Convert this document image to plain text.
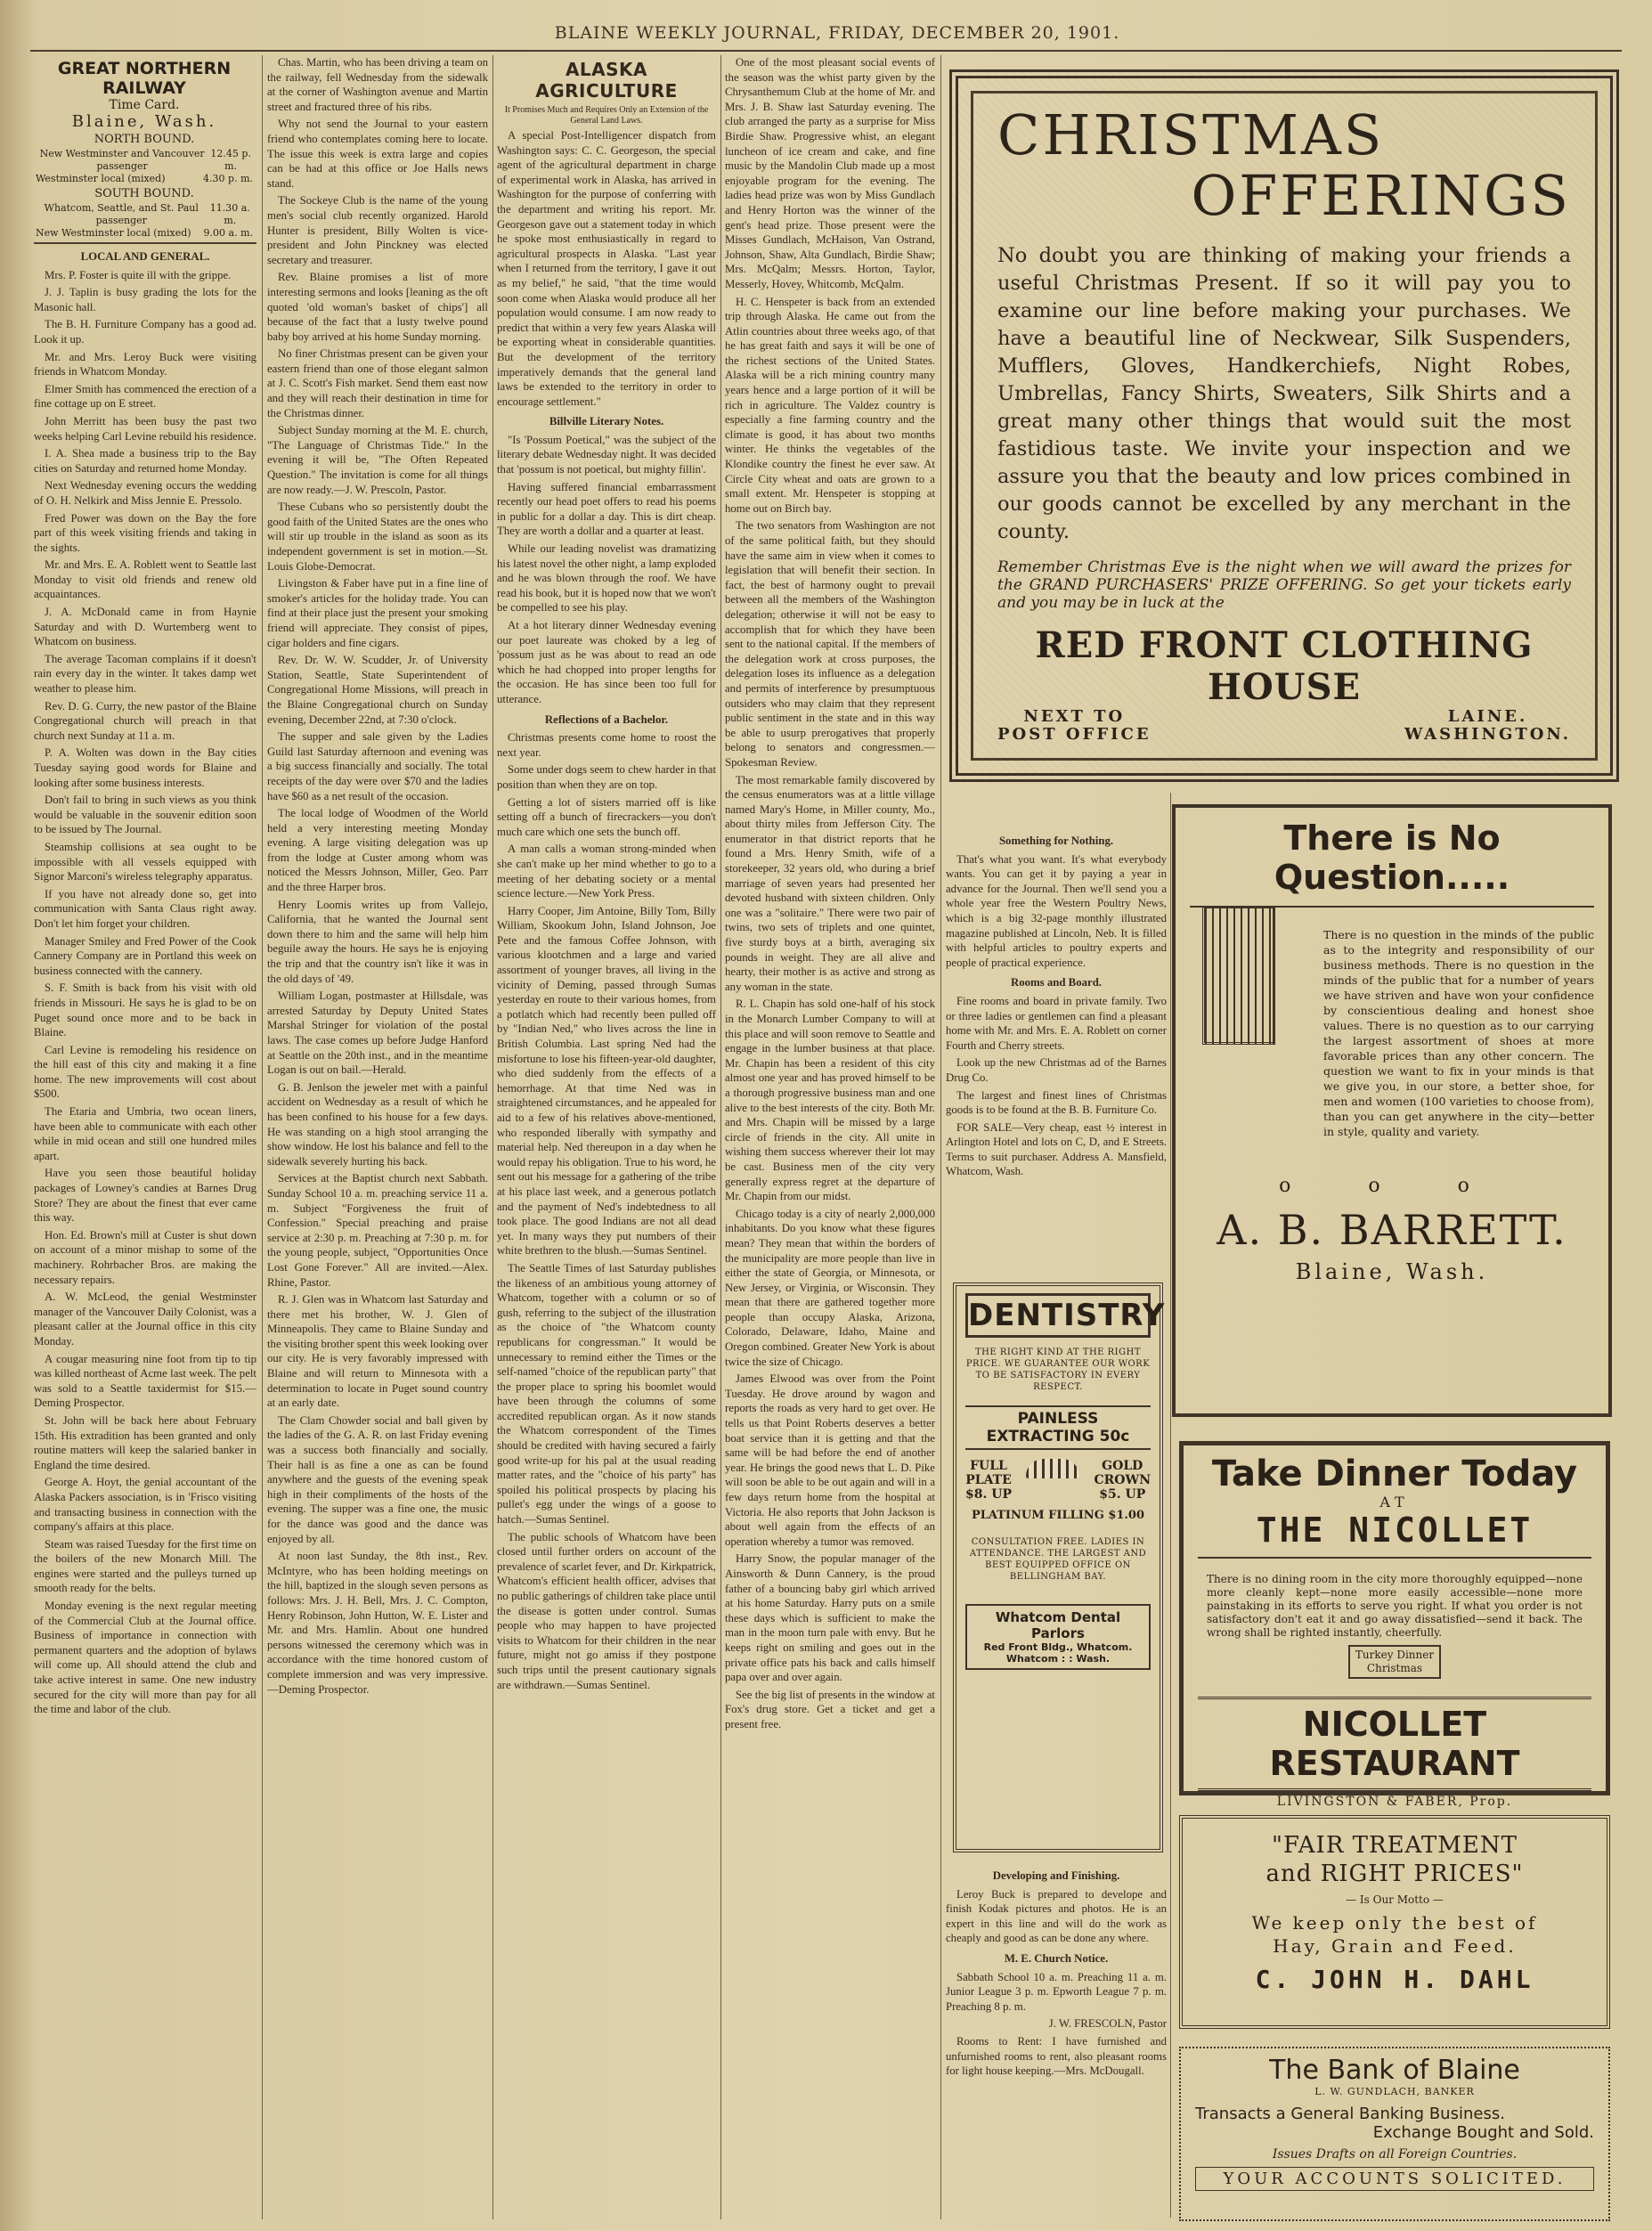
BLAINE WEEKLY JOURNAL, FRIDAY, DECEMBER 20, 1901.
GREAT NORTHERN RAILWAY
Time Card.
Blaine, Wash.
NORTH BOUND.
New Westminster and Vancouver passenger
12.45 p. m.
Westminster local (mixed)	4.30 p. m.
SOUTH BOUND.
Whatcom, Seattle, and St. Paul passenger
11.30 a. m.
New Westminster local (mixed) 9.00 a. m.
LOCAL AND GENERAL.

Mrs. P. Foster is quite ill with the grippe.

J. J. Taplin is busy grading the lots for the Masonic hall.

The B. H. Furniture Company has a good ad. Look it up.

Mr. and Mrs. Leroy Buck were visiting friends in Whatcom Monday.

Elmer Smith has commenced the erection of a fine cottage up on E street.

John Merritt has been busy the past two weeks helping Carl Levine rebuild his residence.

I. A. Shea made a business trip to the Bay cities on Saturday and returned home Monday.

Next Wednesday evening occurs the wedding of O. H. Nelkirk and Miss Jennie E. Pressolo.

Fred Power was down on the Bay the fore part of this week visiting friends and taking in the sights.

Mr. and Mrs. E. A. Roblett went to Seattle last Monday to visit old friends and renew old acquaintances.

J. A. McDonald came in from Haynie Saturday and with D. Wurtemberg went to Whatcom on business.

The average Tacoman complains if it doesn't rain every day in the winter. It takes damp wet weather to please him.

Rev. D. G. Curry, the new pastor of the Blaine Congregational church will preach in that church next Sunday at 11 a. m.

P. A. Wolten was down in the Bay cities Tuesday saying good words for Blaine and looking after some business interests.

Don't fail to bring in such views as you think would be valuable in the souvenir edition soon to be issued by The Journal.

Steamship collisions at sea ought to be impossible with all vessels equipped with Signor Marconi's wireless telegraphy apparatus.

If you have not already done so, get into communication with Santa Claus right away. Don't let him forget your children.

Manager Smiley and Fred Power of the Cook Cannery Company are in Portland this week on business connected with the cannery.

S. F. Smith is back from his visit with old friends in Missouri. He says he is glad to be on Puget sound once more and to be back in Blaine.

Carl Levine is remodeling his residence on the hill east of this city and making it a fine home. The new improvements will cost about $500.

The Etaria and Umbria, two ocean liners, have been able to communicate with each other while in mid ocean and still one hundred miles apart.

Have you seen those beautiful holiday packages of Lowney's candies at Barnes Drug Store? They are about the finest that ever came this way.

Hon. Ed. Brown's mill at Custer is shut down on account of a minor mishap to some of the machinery. Rohrbacher Bros. are making the necessary repairs.

A. W. McLeod, the genial Westminster manager of the Vancouver Daily Colonist, was a pleasant caller at the Journal office in this city Monday.

A cougar measuring nine foot from tip to tip was killed northeast of Acme last week. The pelt was sold to a Seattle taxidermist for $15.—Deming Prospector.

St. John will be back here about February 15th. His extradition has been granted and only routine matters will keep the salaried banker in England the time desired.

George A. Hoyt, the genial accountant of the Alaska Packers association, is in 'Frisco visiting and transacting business in connection with the company's affairs at this place.

Steam was raised Tuesday for the first time on the boilers of the new Monarch Mill. The engines were started and the pulleys turned up smooth ready for the belts.

Monday evening is the next regular meeting of the Commercial Club at the Journal office. Business of importance in connection with permanent quarters and the adoption of bylaws will come up. All should attend the club and take active interest in same. One new industry secured for the city will more than pay for all the time and labor of the club.

Chas. Martin, who has been driving a team on the railway, fell Wednesday from the sidewalk at the corner of Washington avenue and Martin street and fractured three of his ribs.

Why not send the Journal to your eastern friend who contemplates coming here to locate. The issue this week is extra large and copies can be had at this office or Joe Halls news stand.

The Sockeye Club is the name of the young men's social club recently organized. Harold Hunter is president, Billy Wolten is vice-president and John Pinckney was elected secretary and treasurer.

Rev. Blaine promises a list of more interesting sermons and looks [leaning as the oft quoted 'old woman's basket of chips'] all because of the fact that a lusty twelve pound baby boy arrived at his home Sunday morning.

No finer Christmas present can be given your eastern friend than one of those elegant salmon at J. C. Scott's Fish market. Send them east now and they will reach their destination in time for the Christmas dinner.

Subject Sunday morning at the M. E. church, "The Language of Christmas Tide." In the evening it will be, "The Often Repeated Question." The invitation is come for all things are now ready.—J. W. Prescoln, Pastor.

These Cubans who so persistently doubt the good faith of the United States are the ones who will stir up trouble in the island as soon as its independent government is set in motion.—St. Louis Globe-Democrat.

Livingston & Faber have put in a fine line of smoker's articles for the holiday trade. You can find at their place just the present your smoking friend will appreciate. They consist of pipes, cigar holders and fine cigars.

Rev. Dr. W. W. Scudder, Jr. of University Station, Seattle, State Superintendent of Congregational Home Missions, will preach in the Blaine Congregational church on Sunday evening, December 22nd, at 7:30 o'clock.

The supper and sale given by the Ladies Guild last Saturday afternoon and evening was a big success financially and socially. The total receipts of the day were over $70 and the ladies have $60 as a net result of the occasion.

The local lodge of Woodmen of the World held a very interesting meeting Monday evening. A large visiting delegation was up from the lodge at Custer among whom was noticed the Messrs Johnson, Miller, Geo. Parr and the three Harper bros.

Henry Loomis writes up from Vallejo, California, that he wanted the Journal sent down there to him and the same will help him beguile away the hours. He says he is enjoying the trip and that the country isn't like it was in the old days of '49.

William Logan, postmaster at Hillsdale, was arrested Saturday by Deputy United States Marshal Stringer for violation of the postal laws. The case comes up before Judge Hanford at Seattle on the 20th inst., and in the meantime Logan is out on bail.—Herald.

G. B. Jenlson the jeweler met with a painful accident on Wednesday as a result of which he has been confined to his house for a few days. He was standing on a high stool arranging the show window. He lost his balance and fell to the sidewalk severely hurting his back.

Services at the Baptist church next Sabbath. Sunday School 10 a. m. preaching service 11 a. m. Subject "Forgiveness the fruit of Confession." Special preaching and praise service at 2:30 p. m. Preaching at 7:30 p. m. for the young people, subject, "Opportunities Once Lost Gone Forever." All are invited.—Alex. Rhine, Pastor.

R. J. Glen was in Whatcom last Saturday and there met his brother, W. J. Glen of Minneapolis. They came to Blaine Sunday and the visiting brother spent this week looking over our city. He is very favorably impressed with Blaine and will return to Minnesota with a determination to locate in Puget sound country at an early date.

The Clam Chowder social and ball given by the ladies of the G. A. R. on last Friday evening was a success both financially and socially. Their hall is as fine a one as can be found anywhere and the guests of the evening speak high in their compliments of the hosts of the evening. The supper was a fine one, the music for the dance was good and the dance was enjoyed by all.

At noon last Sunday, the 8th inst., Rev. McIntyre, who has been holding meetings on the hill, baptized in the slough seven persons as follows: Mrs. J. H. Bell, Mrs. J. C. Compton, Henry Robinson, John Hutton, W. E. Lister and Mr. and Mrs. Hamlin. About one hundred persons witnessed the ceremony which was in accordance with the time honored custom of complete immersion and was very impressive.—Deming Prospector.

ALASKA AGRICULTURE
It Promises Much and Requires Only an Extension of the General Land Laws.

A special Post-Intelligencer dispatch from Washington says: C. C. Georgeson, the special agent of the agricultural department in charge of experimental work in Alaska, has arrived in Washington for the purpose of conferring with the department and writing his report. Mr. Georgeson gave out a statement today in which he spoke most enthusiastically in regard to agricultural prospects in Alaska. "Last year when I returned from the territory, I gave it out as my belief," he said, "that the time would soon come when Alaska would produce all her population would consume. I am now ready to predict that within a very few years Alaska will be exporting wheat in considerable quantities. But the development of the territory imperatively demands that the general land laws be extended to the territory in order to encourage settlement."

Billville Literary Notes.

"Is 'Possum Poetical," was the subject of the literary debate Wednesday night. It was decided that 'possum is not poetical, but mighty fillin'.

Having suffered financial embarrassment recently our head poet offers to read his poems in public for a dollar a day. This is dirt cheap. They are worth a dollar and a quarter at least.

While our leading novelist was dramatizing his latest novel the other night, a lamp exploded and he was blown through the roof. We have read his book, but it is hoped now that we won't be compelled to see his play.

At a hot literary dinner Wednesday evening our poet laureate was choked by a leg of 'possum just as he was about to read an ode which he had chopped into proper lengths for the occasion. He has since been too full for utterance.

Reflections of a Bachelor.

Christmas presents come home to roost the next year.

Some under dogs seem to chew harder in that position than when they are on top.

Getting a lot of sisters married off is like setting off a bunch of firecrackers—you don't much care which one sets the bunch off.

A man calls a woman strong-minded when she can't make up her mind whether to go to a meeting of her debating society or a mental science lecture.—New York Press.

Harry Cooper, Jim Antoine, Billy Tom, Billy William, Skookum John, Island Johnson, Joe Pete and the famous Coffee Johnson, with various klootchmen and a large and varied assortment of younger braves, all living in the vicinity of Deming, passed through Sumas yesterday en route to their various homes, from a potlatch which had recently been pulled off by "Indian Ned," who lives across the line in British Columbia. Last spring Ned had the misfortune to lose his fifteen-year-old daughter, who died suddenly from the effects of a hemorrhage. At that time Ned was in straightened circumstances, and he appealed for aid to a few of his relatives above-mentioned, who responded liberally with sympathy and material help. Ned thereupon in a day when he would repay his obligation. True to his word, he sent out his message for a gathering of the tribe at his place last week, and a generous potlatch and the payment of Ned's indebtedness to all took place. The good Indians are not all dead yet. In many ways they put numbers of their white brethren to the blush.—Sumas Sentinel.

The Seattle Times of last Saturday publishes the likeness of an ambitious young attorney of Whatcom, together with a column or so of gush, referring to the subject of the illustration as the choice of "the Whatcom county republicans for congressman." It would be unnecessary to remind either the Times or the self-named "choice of the republican party" that the proper place to spring his boomlet would have been through the columns of some accredited republican organ. As it now stands the Whatcom correspondent of the Times should be credited with having secured a fairly good write-up for his pal at the usual reading matter rates, and the "choice of his party" has spoiled his political prospects by placing his pullet's egg under the wings of a goose to hatch.—Sumas Sentinel.

The public schools of Whatcom have been closed until further orders on account of the prevalence of scarlet fever, and Dr. Kirkpatrick, Whatcom's efficient health officer, advises that no public gatherings of children take place until the disease is gotten under control. Sumas people who may happen to have projected visits to Whatcom for their children in the near future, might not go amiss if they postpone such trips until the present cautionary signals are withdrawn.—Sumas Sentinel.

One of the most pleasant social events of the season was the whist party given by the Chrysanthemum Club at the home of Mr. and Mrs. J. B. Shaw last Saturday evening. The club arranged the party as a surprise for Miss Birdie Shaw. Progressive whist, an elegant luncheon of ice cream and cake, and fine music by the Mandolin Club made up a most enjoyable program for the evening. The ladies head prize was won by Miss Gundlach and Henry Horton was the winner of the gent's head prize. Those present were the Misses Gundlach, McHaison, Van Ostrand, Johnson, Shaw, Alta Gundlach, Birdie Shaw; Mrs. McQalm; Messrs. Horton, Taylor, Messerly, Hovey, Whitcomb, McQalm.

H. C. Henspeter is back from an extended trip through Alaska. He came out from the Atlin countries about three weeks ago, of that he has great faith and says it will be one of the richest sections of the United States. Alaska will be a rich mining country many years hence and a large portion of it will be rich in agriculture. The Valdez country is especially a fine farming country and the climate is good, it has about two months winter. He thinks the vegetables of the Klondike country the finest he ever saw. At Circle City wheat and oats are grown to a small extent. Mr. Henspeter is stopping at home out on Birch bay.

The two senators from Washington are not of the same political faith, but they should have the same aim in view when it comes to legislation that will benefit their section. In fact, the best of harmony ought to prevail between all the members of the Washington delegation; otherwise it will not be easy to accomplish that for which they have been sent to the national capital. If the members of the delegation work at cross purposes, the delegation loses its influence as a delegation and permits of interference by presumptuous outsiders who may claim that they represent public sentiment in the state and in this way be able to usurp prerogatives that properly belong to senators and congressmen.—Spokesman Review.

The most remarkable family discovered by the census enumerators was at a little village named Mary's Home, in Miller county, Mo., about thirty miles from Jefferson City. The enumerator in that district reports that he found a Mrs. Henry Smith, wife of a storekeeper, 32 years old, who during a brief marriage of seven years had presented her devoted husband with sixteen children. Only one was a "solitaire." There were two pair of twins, two sets of triplets and one quintet, five sturdy boys at a birth, averaging six pounds in weight. They are all alive and hearty, their mother is as active and strong as any woman in the state.

R. L. Chapin has sold one-half of his stock in the Monarch Lumber Company to will at this place and will soon remove to Seattle and engage in the lumber business at that place. Mr. Chapin has been a resident of this city almost one year and has proved himself to be a thorough progressive business man and one alive to the best interests of the city. Both Mr. and Mrs. Chapin will be missed by a large circle of friends in the city. All unite in wishing them success wherever their lot may be cast. Business men of the city very generally express regret at the departure of Mr. Chapin from our midst.

Chicago today is a city of nearly 2,000,000 inhabitants. Do you know what these figures mean? They mean that within the borders of the municipality are more people than live in either the state of Georgia, or Minnesota, or New Jersey, or Virginia, or Wisconsin. They mean that there are gathered together more people than occupy Alaska, Arizona, Colorado, Delaware, Idaho, Maine and Oregon combined. Greater New York is about twice the size of Chicago.

James Elwood was over from the Point Tuesday. He drove around by wagon and reports the roads as very hard to get over. He tells us that Point Roberts deserves a better boat service than it is getting and that the same will be had before the end of another year. He brings the good news that L. D. Pike will soon be able to be out again and will in a few days return home from the hospital at Victoria. He also reports that John Jackson is about well again from the effects of an operation whereby a tumor was removed.

Harry Snow, the popular manager of the Ainsworth & Dunn Cannery, is the proud father of a bouncing baby girl which arrived at his home Saturday. Harry puts on a smile these days which is sufficient to make the man in the moon turn pale with envy. But he keeps right on smiling and goes out in the private office pats his back and calls himself papa over and over again.

See the big list of presents in the window at Fox's drug store. Get a ticket and get a present free.

Something for Nothing.

That's what you want. It's what everybody wants. You can get it by paying a year in advance for the Journal. Then we'll send you a whole year free the Western Poultry News, which is a big 32-page monthly illustrated magazine published at Lincoln, Neb. It is filled with helpful articles to poultry experts and people of practical experience.

Rooms and Board.

Fine rooms and board in private family. Two or three ladies or gentlemen can find a pleasant home with Mr. and Mrs. E. A. Roblett on corner Fourth and Cherry streets.

Look up the new Christmas ad of the Barnes Drug Co.

The largest and finest lines of Christmas goods is to be found at the B. B. Furniture Co.

FOR SALE—Very cheap, east ½ interest in Arlington Hotel and lots on C, D, and E Streets. Terms to suit purchaser. Address A. Mansfield, Whatcom, Wash.

Developing and Finishing.

Leroy Buck is prepared to develope and finish Kodak pictures and photos. He is an expert in this line and will do the work as cheaply and good as can be done any where.

M. E. Church Notice.

Sabbath School 10 a. m. Preaching 11 a. m. Junior League 3 p. m. Epworth League 7 p. m. Preaching 8 p. m.

J. W. FRESCOLN, Pastor

Rooms to Rent: I have furnished and unfurnished rooms to rent, also pleasant rooms for light house keeping.—Mrs. McDougall.

CHRISTMAS
OFFERINGS
No doubt you are thinking of making your friends a useful Christmas Present. If so it will pay you to examine our line before making your purchases. We have a beautiful line of Neckwear, Silk Suspenders, Mufflers, Gloves, Handkerchiefs, Night Robes, Umbrellas, Fancy Shirts, Sweaters, Silk Shirts and a great many other things that would suit the most fastidious taste. We invite your inspection and we assure you that the beauty and low prices combined in our goods cannot be excelled by any merchant in the county.
Remember Christmas Eve is the night when we will award the prizes for the GRAND PURCHASERS' PRIZE OFFERING. So get your tickets early and you may be in luck at the
RED FRONT CLOTHING HOUSE
NEXT TO
POST OFFICE
LAINE.
WASHINGTON.
There is No Question.....
There is no question in the minds of the public as to the integrity and responsibility of our business methods. There is no question in the minds of the public that for a number of years we have striven and have won your confidence by conscientious dealing and honest shoe values. There is no question as to our carrying the largest assortment of shoes at more favorable prices than any other concern. The question we want to fix in your minds is that we give you, in our store, a better shoe, for men and women (100 varieties to choose from), than you can get anywhere in the city—better in style, quality and variety.
o o o
A. B. BARRETT.
Blaine, Wash.
DENTISTRY
THE RIGHT KIND AT THE RIGHT PRICE. WE GUARANTEE OUR WORK TO BE SATISFACTORY IN EVERY RESPECT.
PAINLESS EXTRACTING 50c
FULL
PLATE
$8. UP
GOLD
CROWN
$5. UP
PLATINUM FILLING $1.00
CONSULTATION FREE. LADIES IN ATTENDANCE. THE LARGEST AND BEST EQUIPPED OFFICE ON BELLINGHAM BAY.
Whatcom Dental Parlors
Red Front Bldg., Whatcom. Whatcom : : Wash.
Take Dinner Today
AT
THE NICOLLET
There is no dining room in the city more thoroughly equipped—none more cleanly kept—none more easily accessible—none more painstaking in its efforts to serve you right. If what you order is not satisfactory don't eat it and go away dissatisfied—send it back. The wrong shall be righted instantly, cheerfully.
Turkey Dinner
Christmas
NICOLLET RESTAURANT
LIVINGSTON & FABER, Prop.
"FAIR TREATMENT
and RIGHT PRICES"
— Is Our Motto —
We keep only the best of
Hay, Grain and Feed.
C. JOHN H. DAHL
The Bank of Blaine
L. W. GUNDLACH, BANKER
Transacts a General Banking Business.
Exchange Bought and Sold.
Issues Drafts on all Foreign Countries.
YOUR ACCOUNTS SOLICITED.
